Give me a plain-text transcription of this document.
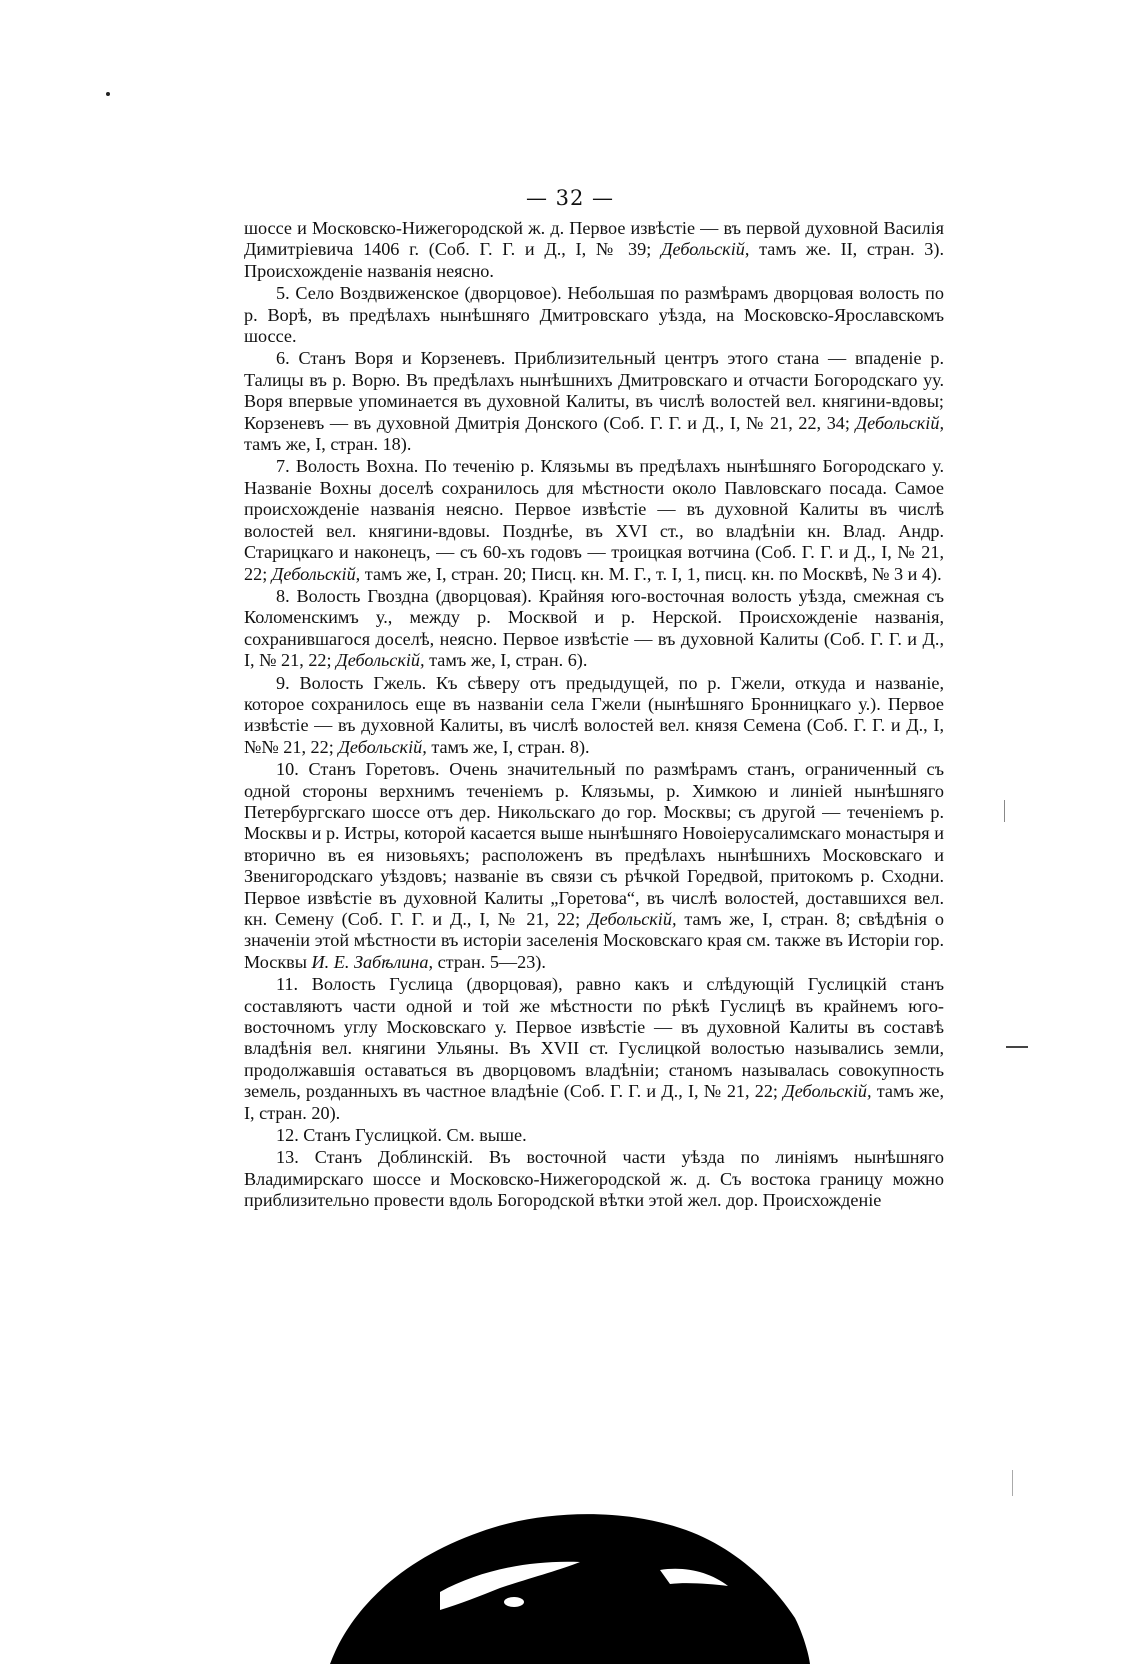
— 32 —

шоссе и Московско-Нижегородской ж. д. Первое извѣстіе — въ первой духовной Василія Димитріевича 1406 г. (Соб. Г. Г. и Д., I, № 39; Дебольскій, тамъ же. II, стран. 3). Происхожденіе названія неясно.

5. Село Воздвиженское (дворцовое). Небольшая по размѣрамъ дворцовая волость по р. Ворѣ, въ предѣлахъ нынѣшняго Дмитровскаго уѣзда, на Московско-Ярославскомъ шоссе.

6. Станъ Воря и Корзеневъ. Приблизительный центръ этого стана — впаденіе р. Талицы въ р. Ворю. Въ предѣлахъ нынѣшнихъ Дмитровскаго и отчасти Богородскаго уу. Воря впервые упоминается въ духовной Калиты, въ числѣ волостей вел. княгини-вдовы; Корзеневъ — въ духовной Дмитрія Донского (Соб. Г. Г. и Д., I, № 21, 22, 34; Дебольскій, тамъ же, I, стран. 18).

7. Волость Вохна. По теченію р. Клязьмы въ предѣлахъ нынѣшняго Богородскаго у. Названіе Вохны доселѣ сохранилось для мѣстности около Павловскаго посада. Самое происхожденіе названія неясно. Первое извѣстіе — въ духовной Калиты въ числѣ волостей вел. княгини-вдовы. Позднѣе, въ XVI ст., во владѣніи кн. Влад. Андр. Старицкаго и наконецъ, — съ 60-хъ годовъ — троицкая вотчина (Соб. Г. Г. и Д., I, № 21, 22; Дебольскій, тамъ же, I, стран. 20; Писц. кн. М. Г., т. I, 1, писц. кн. по Москвѣ, № 3 и 4).

8. Волость Гвоздна (дворцовая). Крайняя юго-восточная волость уѣзда, смежная съ Коломенскимъ у., между р. Москвой и р. Нерской. Происхожденіе названія, сохранившагося доселѣ, неясно. Первое извѣстіе — въ духовной Калиты (Соб. Г. Г. и Д., I, № 21, 22; Дебольскій, тамъ же, I, стран. 6).

9. Волость Гжель. Къ сѣверу отъ предыдущей, по р. Гжели, откуда и названіе, которое сохранилось еще въ названіи села Гжели (нынѣшняго Бронницкаго у.). Первое извѣстіе — въ духовной Калиты, въ числѣ волостей вел. князя Семена (Соб. Г. Г. и Д., I, №№ 21, 22; Дебольскій, тамъ же, I, стран. 8).

10. Станъ Горетовъ. Очень значительный по размѣрамъ станъ, ограниченный съ одной стороны верхнимъ теченіемъ р. Клязьмы, р. Химкою и линіей нынѣшняго Петербургскаго шоссе отъ дер. Никольскаго до гор. Москвы; съ другой — теченіемъ р. Москвы и р. Истры, которой касается выше нынѣшняго Новоіерусалимскаго монастыря и вторично въ ея низовьяхъ; расположенъ въ предѣлахъ нынѣшнихъ Московскаго и Звенигородскаго уѣздовъ; названіе въ связи съ рѣчкой Горедвой, притокомъ р. Сходни. Первое извѣстіе въ духовной Калиты „Горетова“, въ числѣ волостей, доставшихся вел. кн. Семену (Соб. Г. Г. и Д., I, № 21, 22; Дебольскій, тамъ же, I, стран. 8; свѣдѣнія о значеніи этой мѣстности въ исторіи заселенія Московскаго края см. также въ Исторіи гор. Москвы И. Е. Забѣлина, стран. 5—23).

11. Волость Гуслица (дворцовая), равно какъ и слѣдующій Гуслицкій станъ составляютъ части одной и той же мѣстности по рѣкѣ Гуслицѣ въ крайнемъ юго-восточномъ углу Московскаго у. Первое извѣстіе — въ духовной Калиты въ составѣ владѣнія вел. княгини Ульяны. Въ XVII ст. Гуслицкой волостью назывались земли, продолжавшія оставаться въ дворцовомъ владѣніи; станомъ называлась совокупность земель, розданныхъ въ частное владѣніе (Соб. Г. Г. и Д., I, № 21, 22; Дебольскій, тамъ же, I, стран. 20).

12. Станъ Гуслицкой. См. выше.

13. Станъ Доблинскій. Въ восточной части уѣзда по линіямъ нынѣшняго Владимирскаго шоссе и Московско-Нижегородской ж. д. Съ востока границу можно приблизительно провести вдоль Богородской вѣтки этой жел. дор. Происхожденіе
